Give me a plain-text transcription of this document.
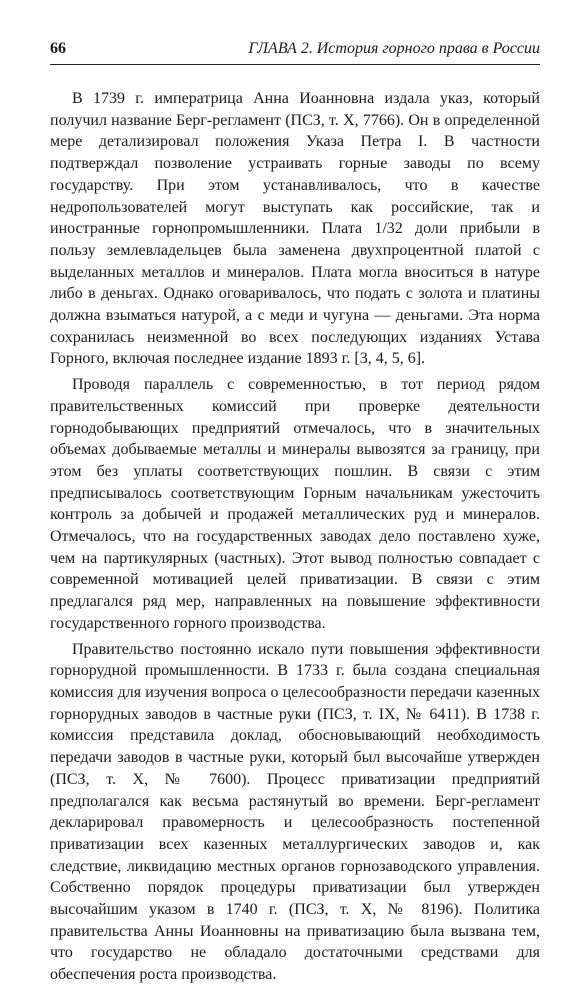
66	ГЛАВА 2. История горного права в России

В 1739 г. императрица Анна Иоанновна издала указ, который получил название Берг-регламент (ПСЗ, т. X, 7766). Он в определенной мере детализировал положения Указа Петра I. В частности подтверждал позволение устраивать горные заводы по всему государству. При этом устанавливалось, что в качестве недропользователей могут выступать как российские, так и иностранные горнопромышленники. Плата 1/32 доли прибыли в пользу землевладельцев была заменена двухпроцентной платой с выделанных металлов и минералов. Плата могла вноситься в натуре либо в деньгах. Однако оговаривалось, что подать с золота и платины должна взыматься натурой, а с меди и чугуна — деньгами. Эта норма сохранилась неизменной во всех последующих изданиях Устава Горного, включая последнее издание 1893 г. [3, 4, 5, 6].

Проводя параллель с современностью, в тот период рядом правительственных комиссий при проверке деятельности горнодобывающих предприятий отмечалось, что в значительных объемах добываемые металлы и минералы вывозятся за границу, при этом без уплаты соответствующих пошлин. В связи с этим предписывалось соответствующим Горным начальникам ужесточить контроль за добычей и продажей металлических руд и минералов. Отмечалось, что на государственных заводах дело поставлено хуже, чем на партикулярных (частных). Этот вывод полностью совпадает с современной мотивацией целей приватизации. В связи с этим предлагался ряд мер, направленных на повышение эффективности государственного горного производства.

Правительство постоянно искало пути повышения эффективности горнорудной промышленности. В 1733 г. была создана специальная комиссия для изучения вопроса о целесообразности передачи казенных горнорудных заводов в частные руки (ПСЗ, т. IX, № 6411). В 1738 г. комиссия представила доклад, обосновывающий необходимость передачи заводов в частные руки, который был высочайше утвержден (ПСЗ, т. X, № 7600). Процесс приватизации предприятий предполагался как весьма растянутый во времени. Берг-регламент декларировал правомерность и целесообразность постепенной приватизации всех казенных металлургических заводов и, как следствие, ликвидацию местных органов горнозаводского управления. Собственно порядок процедуры приватизации был утвержден высочайшим указом в 1740 г. (ПСЗ, т. X, № 8196). Политика правительства Анны Иоанновны на приватизацию была вызвана тем, что государство не обладало достаточными средствами для обеспечения роста производства.
